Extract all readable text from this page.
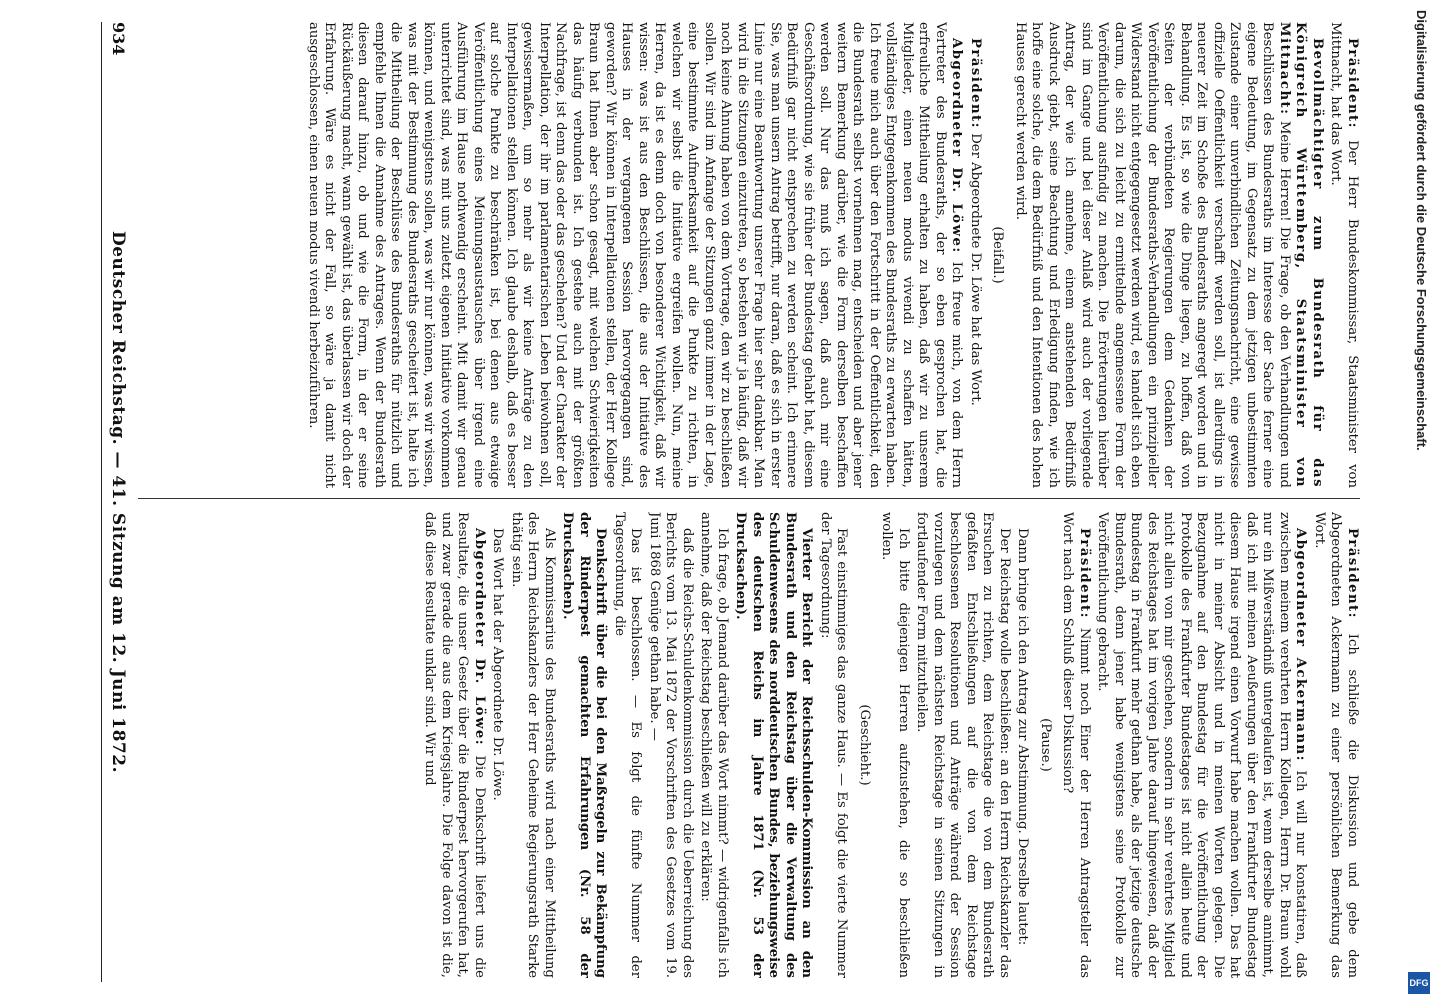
934
Deutscher Reichstag. — 41. Sitzung am 12. Juni 1872.

Präsident: Der Herr Bundeskommissar, Staatsminister von Mittnacht, hat das Wort.

Bevollmächtigter zum Bundesrath für das Königreich Württemberg, Staatsminister von Mittnacht: Meine Herren! Die Frage, ob den Verhandlungen und Beschlüssen des Bundesraths im Interesse der Sache ferner eine eigene Bedeutung, im Gegensatz zu dem jetzigen unbestimmten Zustande einer unverbindlichen Zeitungsnachricht, eine gewisse offizielle Oeffentlichkeit verschafft werden soll, ist allerdings in neuerer Zeit im Schoße des Bundesraths angeregt worden und in Behandlung. Es ist, so wie die Dinge liegen, zu hoffen, daß von Seiten der verbündeten Regierungen dem Gedanken der Veröffentlichung der Bundesraths-Verhandlungen ein prinzipieller Widerstand nicht entgegengesetzt werden wird, es handelt sich eben darum, die sich zu leicht zu ermittelnde angemessene Form der Veröffentlichung ausfindig zu machen. Die Erörterungen hierüber sind im Gange und bei dieser Anlaß wird auch der vorliegende Antrag, der wie ich annehme, einem anstehenden Bedürfniß Ausdruck giebt, seine Beachtung und Erledigung finden, wie ich hoffe eine solche, die dem Bedürfniß und den Intentionen des hohen Hauses gerecht werden wird.

(Beifall.)

Präsident: Der Abgeordnete Dr. Löwe hat das Wort.

Abgeordneter Dr. Löwe: Ich freue mich, von dem Herrn Vertreter des Bundesraths, der so eben gesprochen hat, die erfreuliche Mittheilung erhalten zu haben, daß wir zu unserem Mitglieder, einen neuen modus vivendi zu schaffen hätten, vollständiges Entgegenkommen des Bundesraths zu erwarten haben. Ich freue mich auch über den Fortschritt in der Oeffentlichkeit, den die Bundesrath selbst vornehmen mag, entscheiden und aber jener weitern Bemerkung darüber, wie die Form derselben beschaffen werden soll. Nur das muß ich sagen, daß auch mir eine Geschäftsordnung, wie sie früher der Bundestag gehabt hat, diesem Bedürfniß gar nicht entsprechen zu werden scheint. Ich erinnere Sie, was man unsern Antrag betrifft, nur daran, daß es sich in erster Linie nur eine Beantwortung unserer Frage hier sehr dankbar. Man wird in die Sitzungen einzutreten, so bestehen wir ja häufig, daß wir noch keine Ahnung haben von dem Vortrage, den wir zu beschließen sollen. Wir sind im Anfange der Sitzungen ganz immer in der Lage, eine bestimmte Aufmerksamkeit auf die Punkte zu richten, in welchen wir selbst die Initiative ergreifen wollen. Nun, meine Herren, da ist es denn doch von besonderer Wichtigkeit, daß wir wissen: was ist aus den Beschlüssen, die aus der Initiative des Hauses in der vergangenen Session hervorgegangen sind, geworden? Wir können in Interpellationen stellen, der Herr Kollege Braun hat Ihnen aber schon gesagt, mit welchen Schwierigkeiten das häufig verbunden ist. Ich gestehe auch mit der größten Nachfrage, ist denn das oder das geschehen? Und der Charakter der Interpellation, der ihr im parlamentarischen Leben beiwohnen soll, gewissermaßen, um so mehr als wir keine Anträge zu den Interpellationen stellen können. Ich glaube deshalb, daß es besser auf solche Punkte zu beschränken ist, bei denen aus etwaige Veröffentlichung eines Meinungsaustausches über irgend eine Ausführung im Hause nothwendig erscheint. Mit damit wir genau unterrichtet sind, was mit uns zuletzt eigenen Initiative vorkommen können, und wenigstens sollen, was wir nur können, was wir wissen, was mit der Bestimmung des Bundesraths gescheitert ist, halte ich die Mittheilung der Beschlüsse des Bundesraths für nützlich und empfehle Ihnen die Annahme des Antrages. Wenn der Bundesrath diesen darauf hinzu, ob und wie die Form, in der er seine Rückäußerung macht, wann gewählt ist, das überlassen wir doch der Erfahrung. Wäre es nicht der Fall, so wäre ja damit nicht ausgeschlossen, einen neuen modus vivendi herbeizuführen.

Präsident: Ich schließe die Diskussion und gebe dem Abgeordneten Ackermann zu einer persönlichen Bemerkung das Wort.

Abgeordneter Ackermann: Ich will nur konstatiren, daß zwischen meinem verehrten Herrn Kollegen, Herrn Dr. Braun wohl nur ein Mißverständniß untergelaufen ist, wenn derselbe annimmt, daß ich mit meinen Aeußerungen über den Frankfurter Bundestag diesem Hause irgend einen Vorwurf habe machen wollen. Das hat nicht in meiner Absicht und in meinen Worten gelegen. Die Bezugnahme auf den Bundestag für die Veröffentlichung der Protokolle des Frankfurter Bundestages ist nicht allein heute und nicht allein von mir geschehen, sondern in sehr verehrtes Mitglied des Reichstages hat im vorigen Jahre darauf hingewiesen, daß der Bundestag in Frankfurt mehr gethan habe, als der jetzige deutsche Bundesrath, denn jener habe wenigstens seine Protokolle zur Veröffentlichung gebracht.

Präsident: Nimmt noch Einer der Herren Antragsteller das Wort nach dem Schluß dieser Diskussion?

(Pause.)

Dann bringe ich den Antrag zur Abstimmung. Derselbe lautet:

Der Reichstag wolle beschließen: an den Herrn Reichskanzler das Ersuchen zu richten, dem Reichstage die von dem Bundesrath gefaßten Entschließungen auf die von dem Reichstage beschlossenen Resolutionen und Anträge während der Session vorzulegen und dem nächsten Reichstage in seinen Sitzungen in fortlaufender Form mitzutheilen.

Ich bitte diejenigen Herren aufzustehen, die so beschließen wollen.

(Geschieht.)

Fast einstimmiges das ganze Haus. — Es folgt die vierte Nummer der Tagesordnung:

Vierter Bericht der Reichsschulden-Kommission an den Bundesrath und den Reichstag über die Verwaltung des Schuldenwesens des norddeutschen Bundes, beziehungsweise des deutschen Reichs im Jahre 1871 (Nr. 53 der Drucksachen).

Ich frage, ob Jemand darüber das Wort nimmt? — widrigenfalls ich annehme, daß der Reichstag beschließen will zu erklären:

daß die Reichs-Schuldenkommission durch die Ueberreichung des Berichts vom 13. Mai 1872 der Vorschriften des Gesetzes vom 19. Juni 1868 Genüge gethan habe. —

Das ist beschlossen. — Es folgt die fünfte Nummer der Tagesordnung, die

Denkschrift über die bei den Maßregeln zur Bekämpfung der Rinderpest gemachten Erfahrungen (Nr. 58 der Drucksachen).

Als Kommissarius des Bundesraths wird nach einer Mittheilung des Herrn Reichskanzlers der Herr Geheime Regierungsrath Starke thätig sein.

Das Wort hat der Abgeordnete Dr. Löwe.

Abgeordneter Dr. Löwe: Die Denkschrift liefert uns die Resultate, die unser Gesetz über die Rinderpest hervorgerufen hat, und zwar gerade die aus dem Kriegsjahre. Die Folge davon ist die, daß diese Resultate unklar sind. Wir und

Digitalisierung gefördert durch die Deutsche Forschungsgemeinschaft.
DFG
